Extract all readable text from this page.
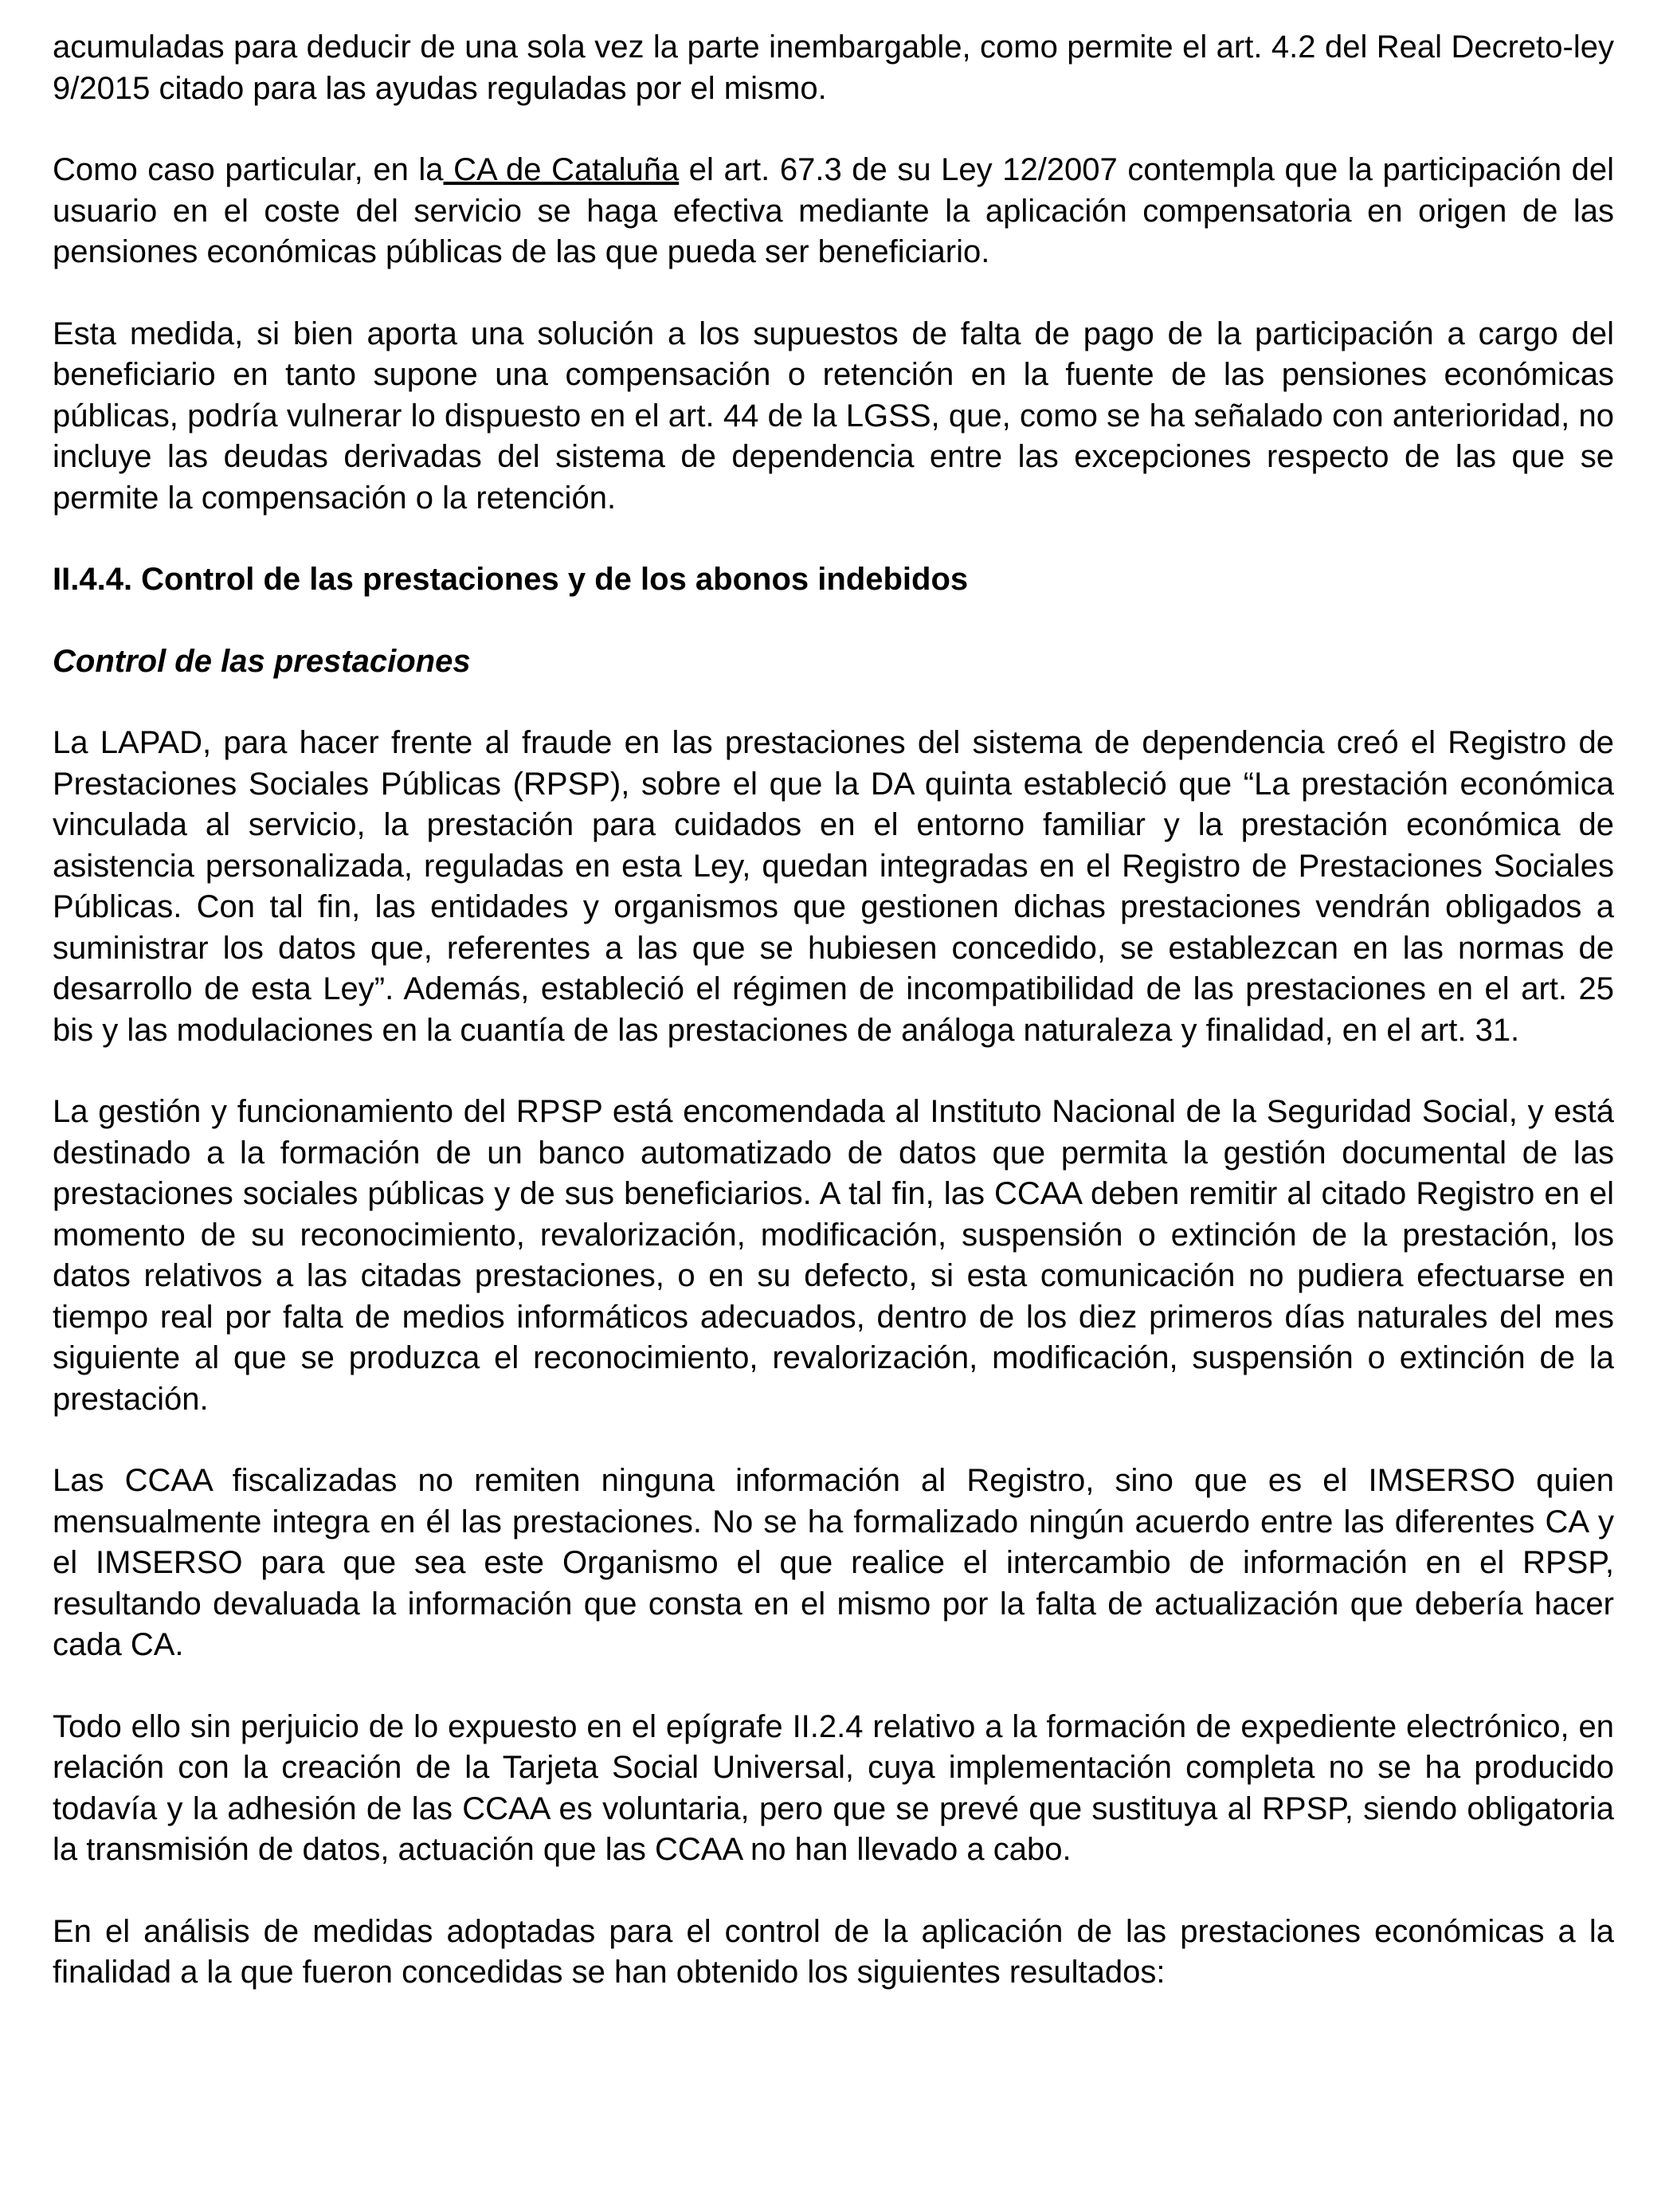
acumuladas para deducir de una sola vez la parte inembargable, como permite el art. 4.2 del Real Decreto-ley 9/2015 citado para las ayudas reguladas por el mismo.

Como caso particular, en la CA de Cataluña el art. 67.3 de su Ley 12/2007 contempla que la participación del usuario en el coste del servicio se haga efectiva mediante la aplicación compensatoria en origen de las pensiones económicas públicas de las que pueda ser beneficiario.

Esta medida, si bien aporta una solución a los supuestos de falta de pago de la participación a cargo del beneficiario en tanto supone una compensación o retención en la fuente de las pensiones económicas públicas, podría vulnerar lo dispuesto en el art. 44 de la LGSS, que, como se ha señalado con anterioridad, no incluye las deudas derivadas del sistema de dependencia entre las excepciones respecto de las que se permite la compensación o la retención.

II.4.4. Control de las prestaciones y de los abonos indebidos

Control de las prestaciones

La LAPAD, para hacer frente al fraude en las prestaciones del sistema de dependencia creó el Registro de Prestaciones Sociales Públicas (RPSP), sobre el que la DA quinta estableció que “La prestación económica vinculada al servicio, la prestación para cuidados en el entorno familiar y la prestación económica de asistencia personalizada, reguladas en esta Ley, quedan integradas en el Registro de Prestaciones Sociales Públicas. Con tal fin, las entidades y organismos que gestionen dichas prestaciones vendrán obligados a suministrar los datos que, referentes a las que se hubiesen concedido, se establezcan en las normas de desarrollo de esta Ley”. Además, estableció el régimen de incompatibilidad de las prestaciones en el art. 25 bis y las modulaciones en la cuantía de las prestaciones de análoga naturaleza y finalidad, en el art. 31.

La gestión y funcionamiento del RPSP está encomendada al Instituto Nacional de la Seguridad Social, y está destinado a la formación de un banco automatizado de datos que permita la gestión documental de las prestaciones sociales públicas y de sus beneficiarios. A tal fin, las CCAA deben remitir al citado Registro en el momento de su reconocimiento, revalorización, modificación, suspensión o extinción de la prestación, los datos relativos a las citadas prestaciones, o en su defecto, si esta comunicación no pudiera efectuarse en tiempo real por falta de medios informáticos adecuados, dentro de los diez primeros días naturales del mes siguiente al que se produzca el reconocimiento, revalorización, modificación, suspensión o extinción de la prestación.

Las CCAA fiscalizadas no remiten ninguna información al Registro, sino que es el IMSERSO quien mensualmente integra en él las prestaciones. No se ha formalizado ningún acuerdo entre las diferentes CA y el IMSERSO para que sea este Organismo el que realice el intercambio de información en el RPSP, resultando devaluada la información que consta en el mismo por la falta de actualización que debería hacer cada CA.

Todo ello sin perjuicio de lo expuesto en el epígrafe II.2.4 relativo a la formación de expediente electrónico, en relación con la creación de la Tarjeta Social Universal, cuya implementación completa no se ha producido todavía y la adhesión de las CCAA es voluntaria, pero que se prevé que sustituya al RPSP, siendo obligatoria la transmisión de datos, actuación que las CCAA no han llevado a cabo.

En el análisis de medidas adoptadas para el control de la aplicación de las prestaciones económicas a la finalidad a la que fueron concedidas se han obtenido los siguientes resultados:
